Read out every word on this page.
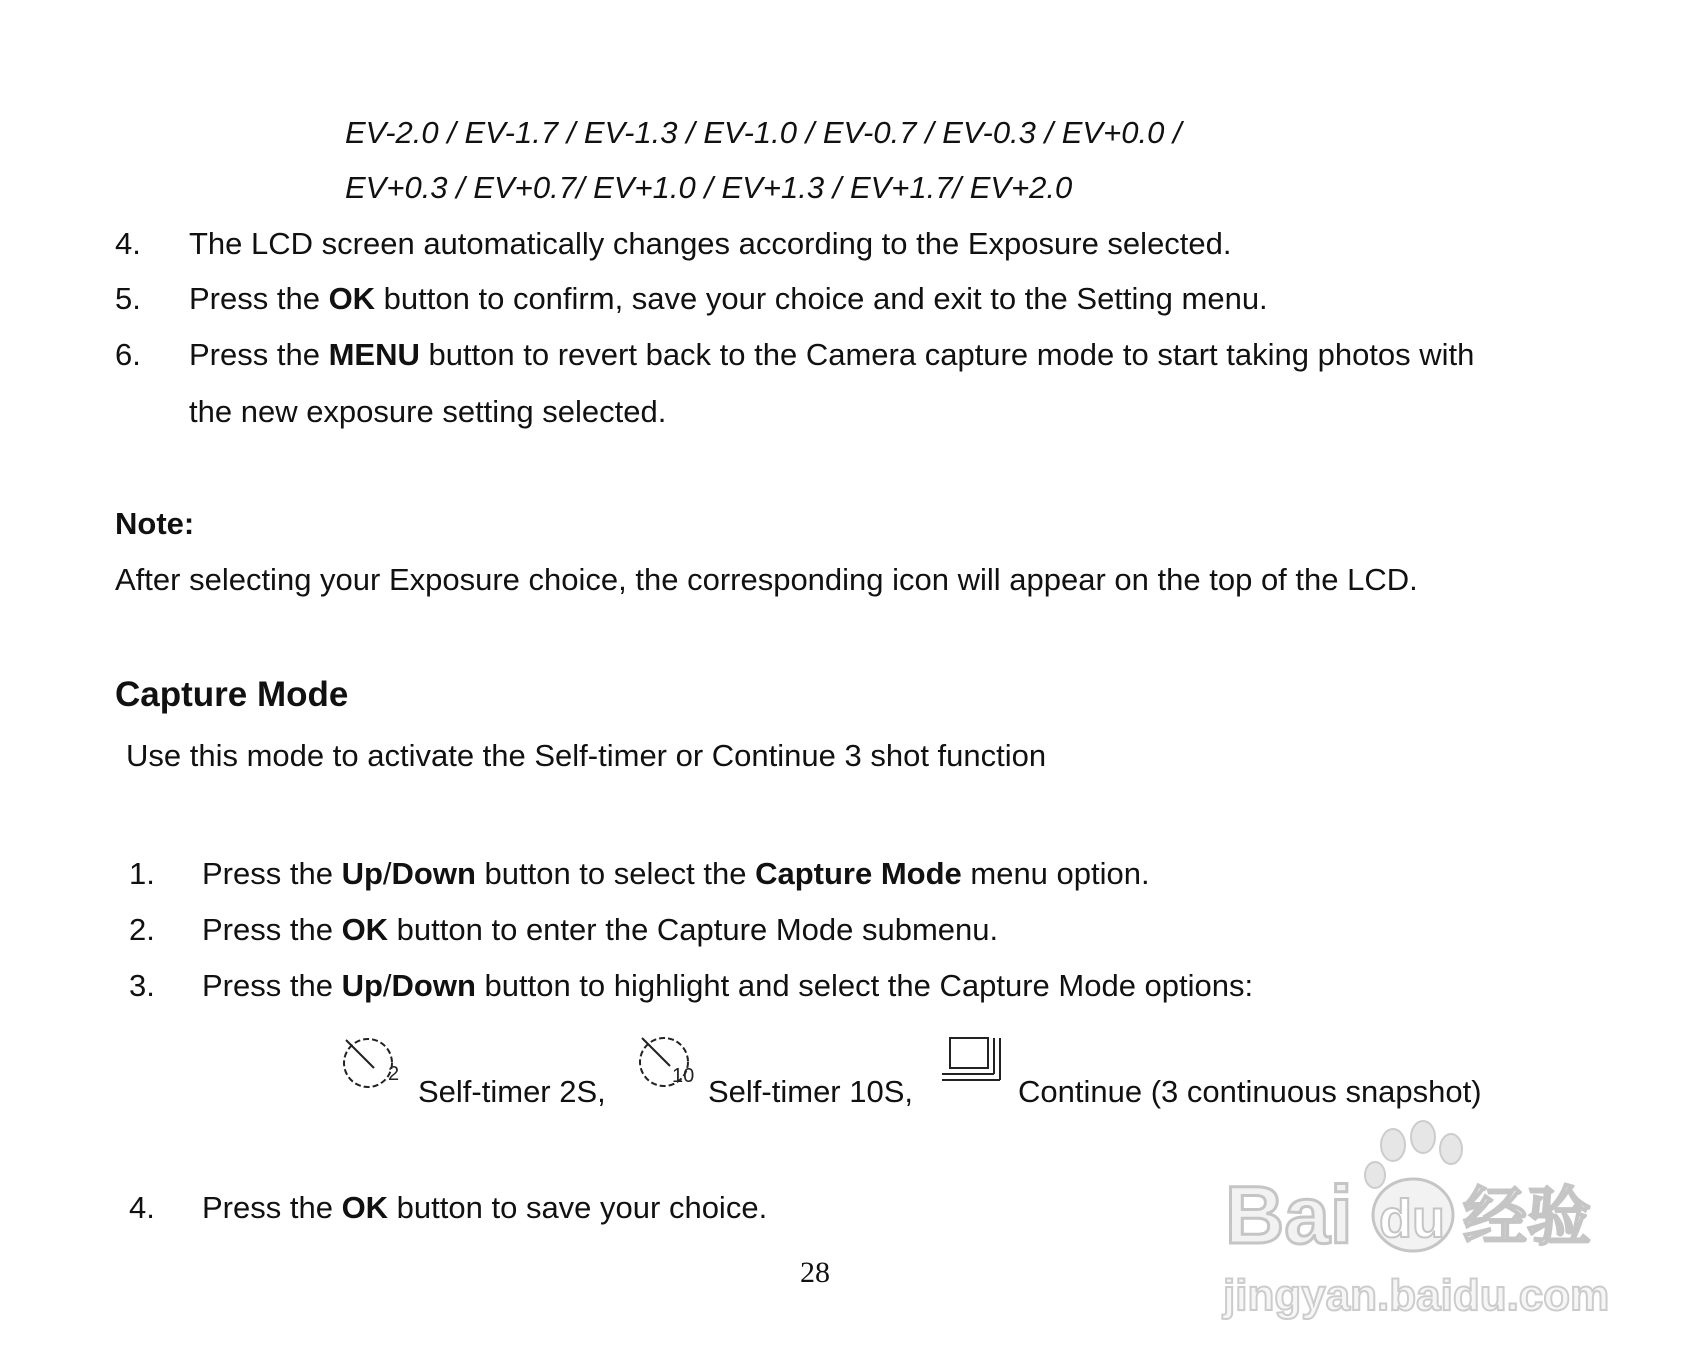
EV-2.0 / EV-1.7 / EV-1.3 / EV-1.0 / EV-0.7 / EV-0.3 / EV+0.0 /
EV+0.3 / EV+0.7/ EV+1.0 / EV+1.3 / EV+1.7/ EV+2.0
4.	The LCD screen automatically changes according to the Exposure selected.
5.	Press the OK button to confirm, save your choice and exit to the Setting menu.
6.	Press the MENU button to revert back to the Camera capture mode to start taking photos with
the new exposure setting selected.
Note:
After selecting your Exposure choice, the corresponding icon will appear on the top of the LCD.
Capture Mode
Use this mode to activate the Self-timer or Continue 3 shot function
1.	Press the Up/Down button to select the Capture Mode menu option.
2.	Press the OK button to enter the Capture Mode submenu.
3.	Press the Up/Down button to highlight and select the Capture Mode options:
2 Self-timer 2S,	10 Self-timer 10S,	Continue (3 continuous snapshot)
4.	Press the OK button to save your choice.
28
Bai du 经验
jingyan.baidu.com
